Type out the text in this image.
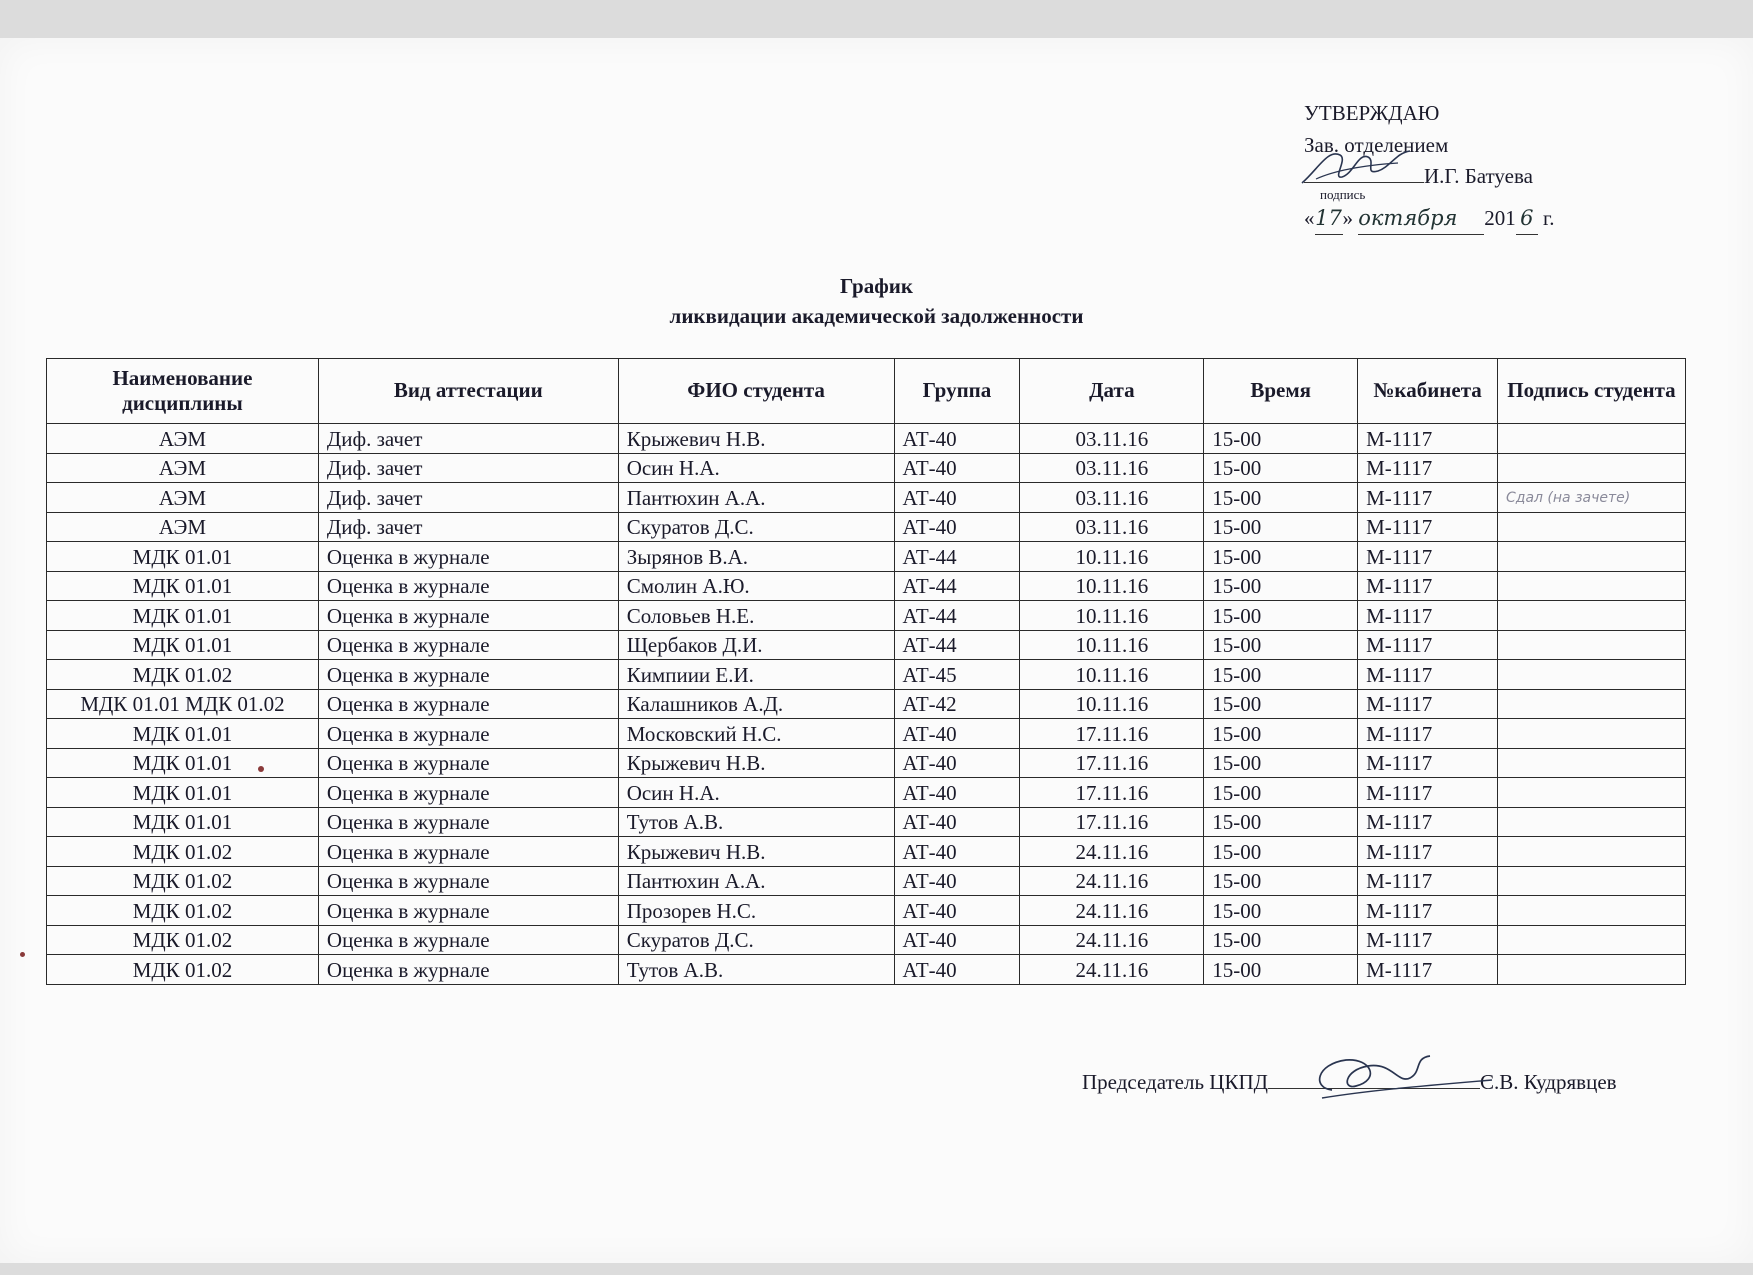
УТВЕРЖДАЮ
Зав. отделением
И.Г. Батуева
подпись
«17» октября 201 6 г.
График
ликвидации академической задолженности
Наименование дисциплины	Вид аттестации	ФИО студента	Группа	Дата	Время	№кабинета	Подпись студента
АЭМ	Диф. зачет	Крыжевич Н.В.	АТ-40	03.11.16	15-00	М-1117	
АЭМ	Диф. зачет	Осин Н.А.	АТ-40	03.11.16	15-00	М-1117	
АЭМ	Диф. зачет	Пантюхин А.А.	АТ-40	03.11.16	15-00	М-1117	Сдал (на зачете)
АЭМ	Диф. зачет	Скуратов Д.С.	АТ-40	03.11.16	15-00	М-1117	
МДК 01.01	Оценка в журнале	Зырянов В.А.	АТ-44	10.11.16	15-00	М-1117	
МДК 01.01	Оценка в журнале	Смолин А.Ю.	АТ-44	10.11.16	15-00	М-1117	
МДК 01.01	Оценка в журнале	Соловьев Н.Е.	АТ-44	10.11.16	15-00	М-1117	
МДК 01.01	Оценка в журнале	Щербаков Д.И.	АТ-44	10.11.16	15-00	М-1117	
МДК 01.02	Оценка в журнале	Кимпиии Е.И.	АТ-45	10.11.16	15-00	М-1117	
МДК 01.01 МДК 01.02	Оценка в журнале	Калашников А.Д.	АТ-42	10.11.16	15-00	М-1117	
МДК 01.01	Оценка в журнале	Московский Н.С.	АТ-40	17.11.16	15-00	М-1117	
МДК 01.01	Оценка в журнале	Крыжевич Н.В.	АТ-40	17.11.16	15-00	М-1117	
МДК 01.01	Оценка в журнале	Осин Н.А.	АТ-40	17.11.16	15-00	М-1117	
МДК 01.01	Оценка в журнале	Тутов А.В.	АТ-40	17.11.16	15-00	М-1117	
МДК 01.02	Оценка в журнале	Крыжевич Н.В.	АТ-40	24.11.16	15-00	М-1117	
МДК 01.02	Оценка в журнале	Пантюхин А.А.	АТ-40	24.11.16	15-00	М-1117	
МДК 01.02	Оценка в журнале	Прозорев Н.С.	АТ-40	24.11.16	15-00	М-1117	
МДК 01.02	Оценка в журнале	Скуратов Д.С.	АТ-40	24.11.16	15-00	М-1117	
МДК 01.02	Оценка в журнале	Тутов А.В.	АТ-40	24.11.16	15-00	М-1117	
Председатель ЦКПД	С.В. Кудрявцев
